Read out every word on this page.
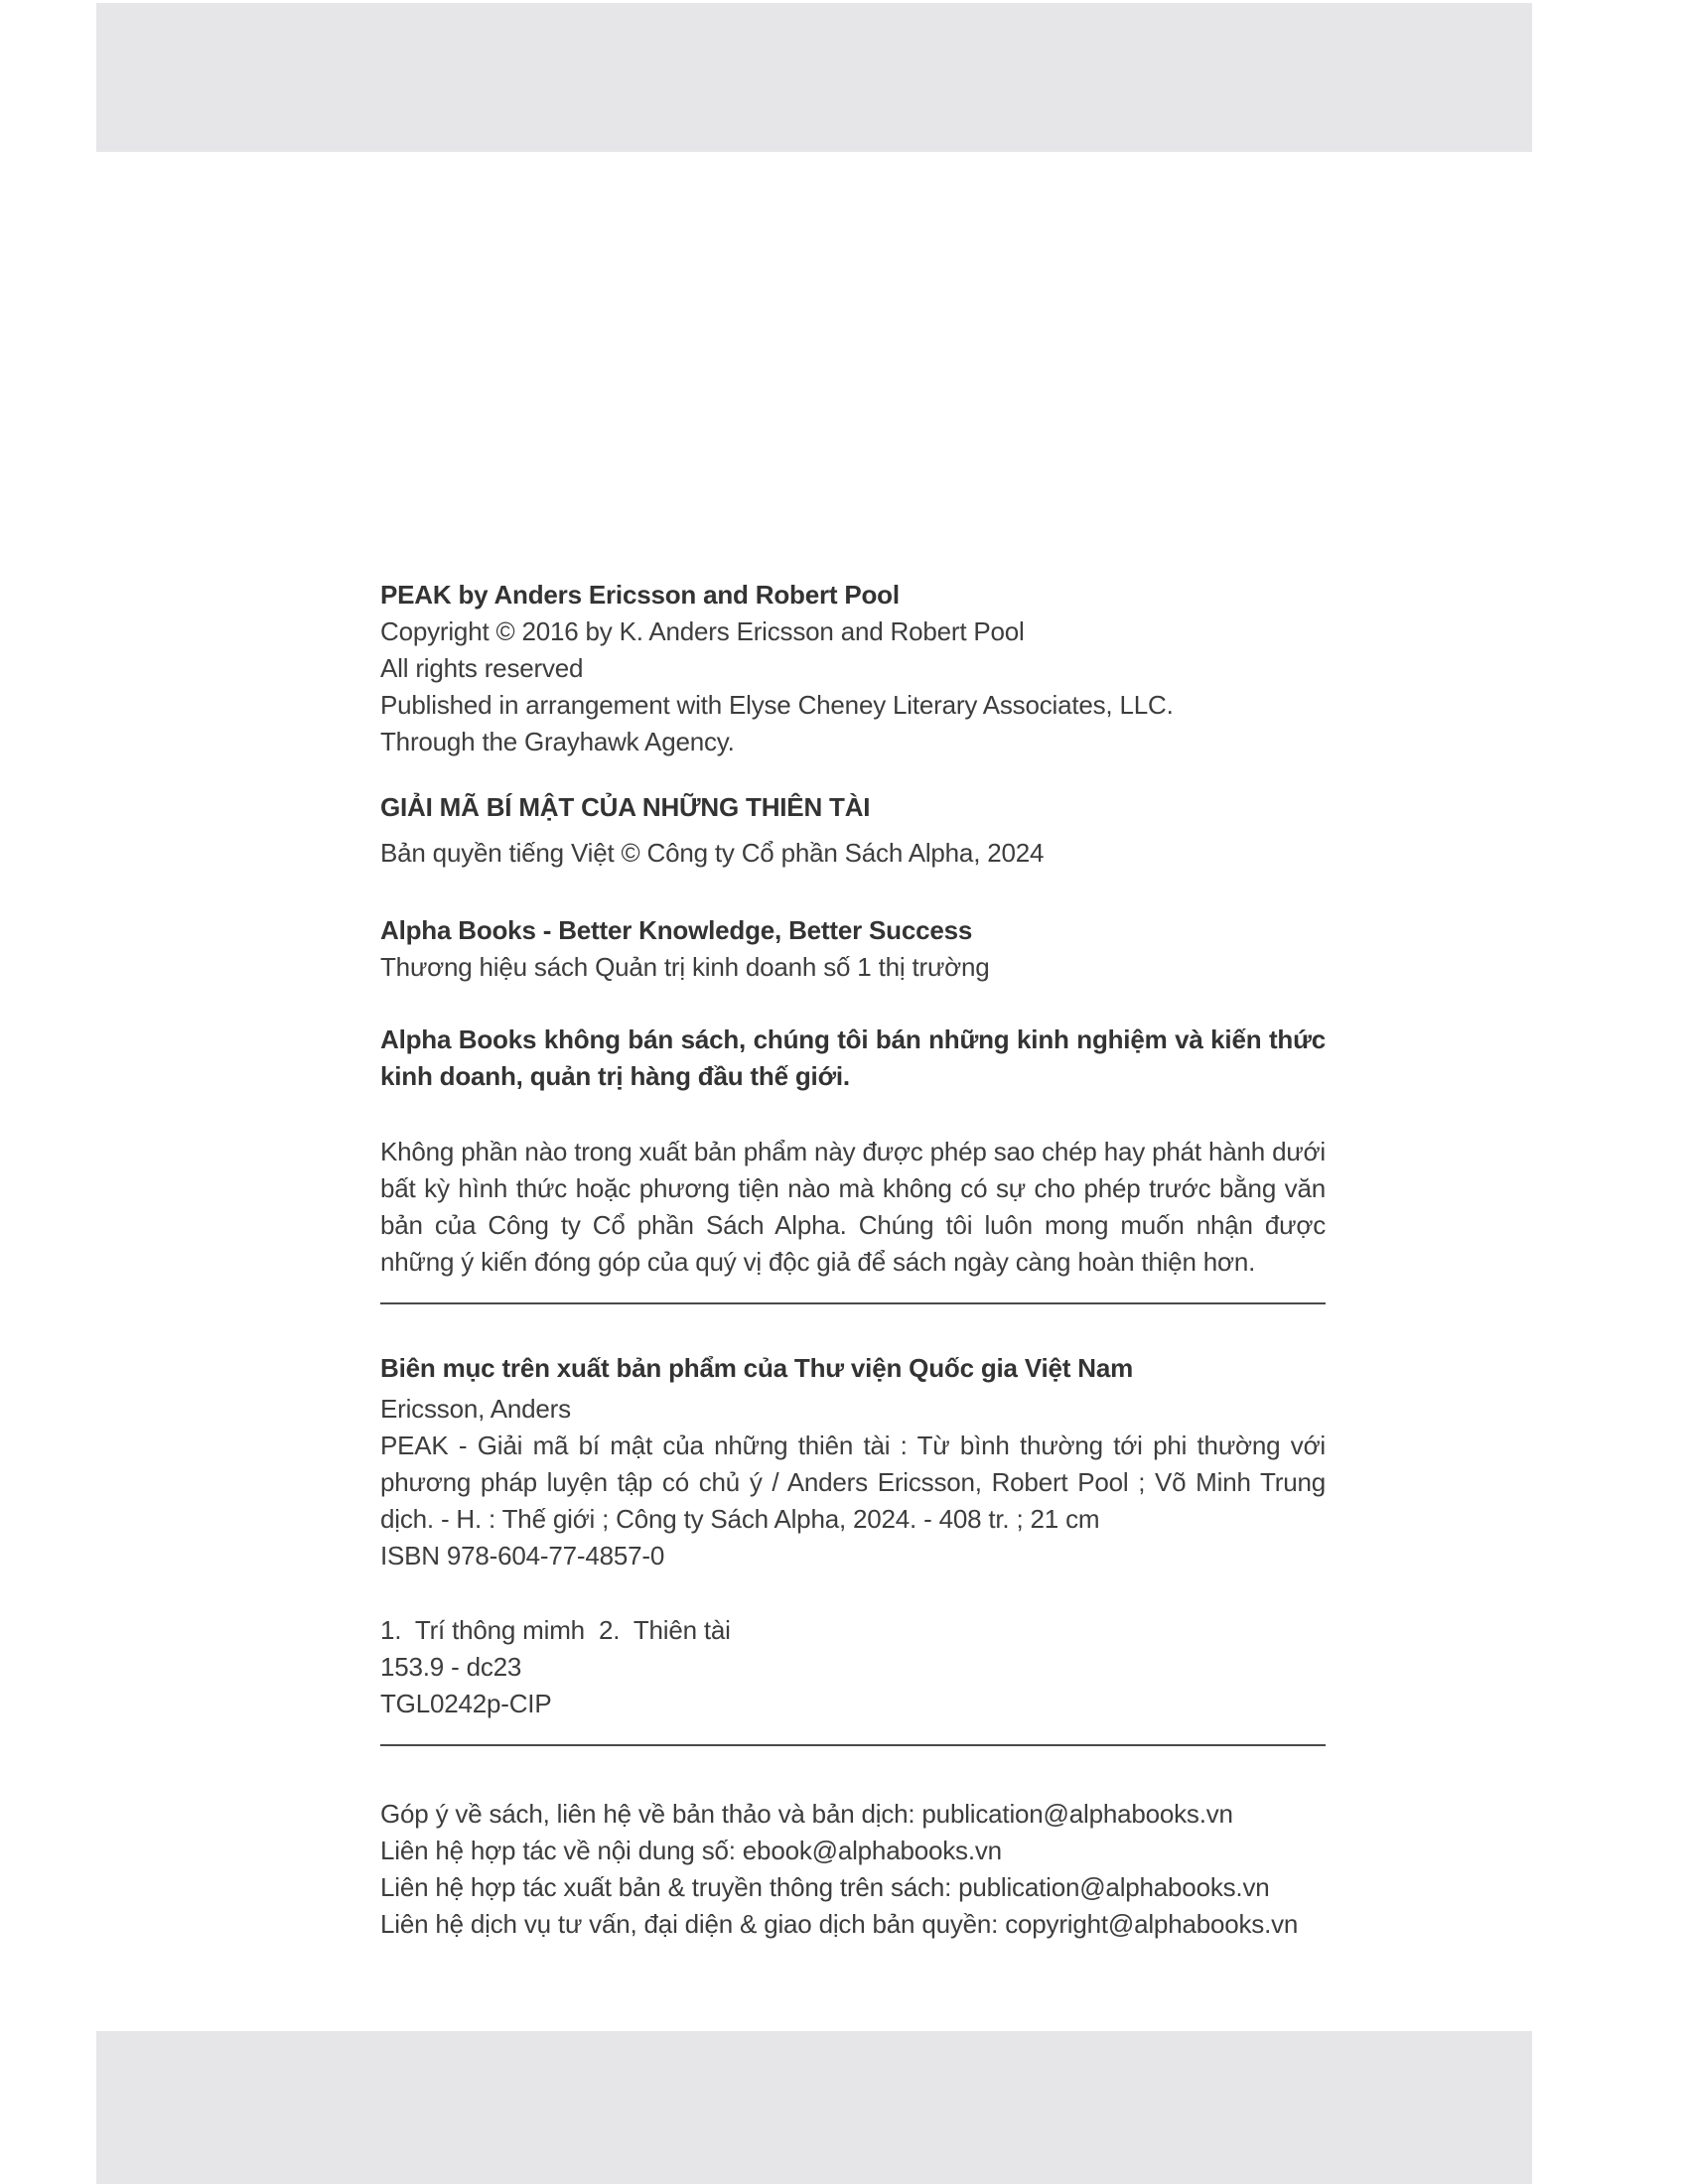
PEAK by Anders Ericsson and Robert Pool

Copyright © 2016 by K. Anders Ericsson and Robert Pool

All rights reserved

Published in arrangement with Elyse Cheney Literary Associates, LLC.

Through the Grayhawk Agency.

GIẢI MÃ BÍ MẬT CỦA NHỮNG THIÊN TÀI

Bản quyền tiếng Việt © Công ty Cổ phần Sách Alpha, 2024

Alpha Books - Better Knowledge, Better Success

Thương hiệu sách Quản trị kinh doanh số 1 thị trường

Alpha Books không bán sách, chúng tôi bán những kinh nghiệm và kiến thức kinh doanh, quản trị hàng đầu thế giới.

Không phần nào trong xuất bản phẩm này được phép sao chép hay phát hành dưới bất kỳ hình thức hoặc phương tiện nào mà không có sự cho phép trước bằng văn bản của Công ty Cổ phần Sách Alpha. Chúng tôi luôn mong muốn nhận được những ý kiến đóng góp của quý vị độc giả để sách ngày càng hoàn thiện hơn.

Biên mục trên xuất bản phẩm của Thư viện Quốc gia Việt Nam

Ericsson, Anders

PEAK - Giải mã bí mật của những thiên tài : Từ bình thường tới phi thường với phương pháp luyện tập có chủ ý / Anders Ericsson, Robert Pool ; Võ Minh Trung dịch. - H. : Thế giới ; Công ty Sách Alpha, 2024. - 408 tr. ; 21 cm

ISBN 978-604-77-4857-0

1.  Trí thông mimh  2.  Thiên tài

153.9 - dc23

TGL0242p-CIP

Góp ý về sách, liên hệ về bản thảo và bản dịch: publication@alphabooks.vn

Liên hệ hợp tác về nội dung số: ebook@alphabooks.vn

Liên hệ hợp tác xuất bản & truyền thông trên sách: publication@alphabooks.vn

Liên hệ dịch vụ tư vấn, đại diện & giao dịch bản quyền: copyright@alphabooks.vn
